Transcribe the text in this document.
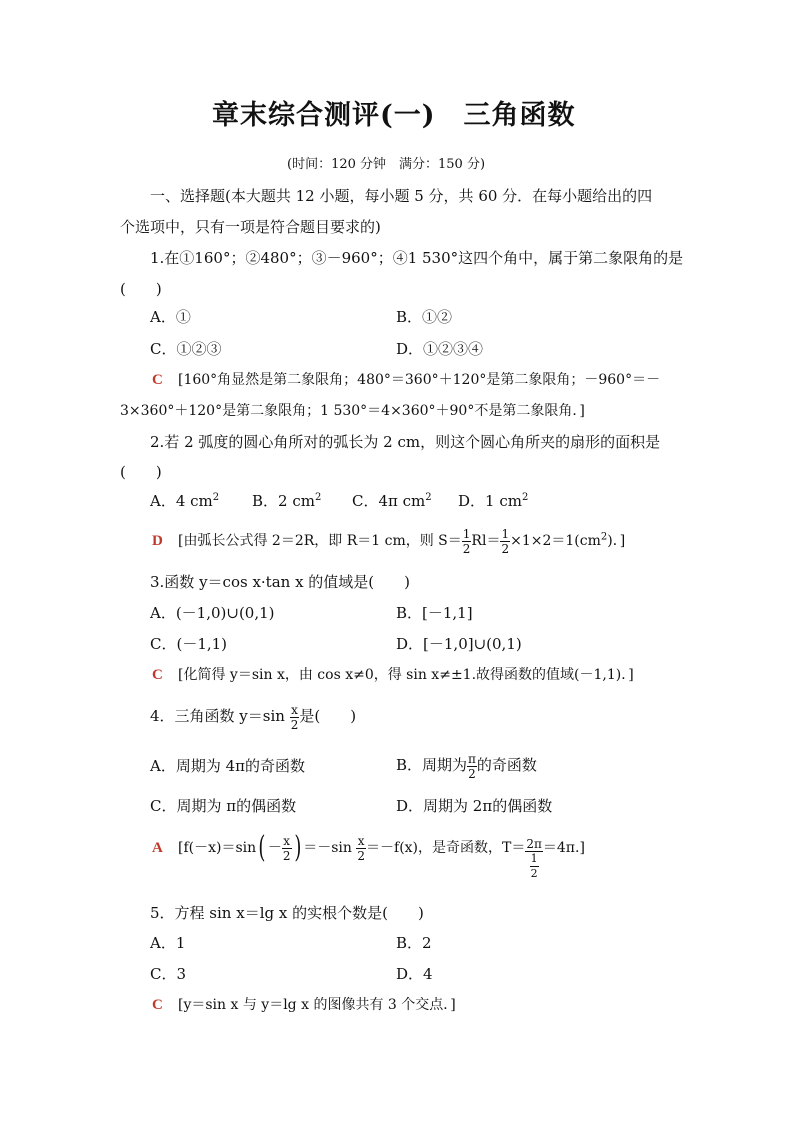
章末综合测评(一)　三角函数
(时间：120 分钟　满分：150 分)
一、选择题(本大题共 12 小题，每小题 5 分，共 60 分．在每小题给出的四
个选项中，只有一项是符合题目要求的)
1.在①160°；②480°；③－960°；④1 530°这四个角中，属于第二象限角的是
(　　)
A．①	B．①②
C．①②③	D．①②③④
C [160°角显然是第二象限角；480°＝360°＋120°是第二象限角；－960°＝－
3×360°＋120°是第二象限角；1 530°＝4×360°＋90°不是第二象限角．]
2.若 2 弧度的圆心角所对的弧长为 2 cm，则这个圆心角所夹的扇形的面积是
(　　)
A．4 $cm^2$ B．2 $cm^2$ C．4π $cm^2$ D．1 $cm^2$
D [由弧长公式得 2＝2R，即 R＝1 cm，则 $S= \frac{1}{2} Rl= \frac{1}{2} \times 1\times 2=1(cm^2)$．]
3.函数 y＝cos x·tan x 的值域是(　　)
A．(－1,0)∪(0,1)	B．[－1,1]
C．(－1,1)	D．[－1,0]∪(0,1)
C [化简得 y＝sin x，由 cos x≠0，得 sin x≠±1.故得函数的值域(－1,1)．]
4．三角函数 $y=\sin \frac{x}{2}$ 是(　　)
A．周期为 4π的奇函数	B．周期为 $\frac{\pi}{2}$ 的奇函数
C．周期为 π的偶函数	D．周期为 2π的偶函数
A [$f(-x)=\sin( - \frac{x}{2}$ ) $=-\sin \frac{x}{2} =-f(x)$，是奇函数，$T= \frac{2\pi}{\frac{1}{2}} =4\pi$.]
5．方程 sin x＝lg x 的实根个数是(　　)
A．1	B．2
C．3	D．4
C [y＝sin x 与 y＝lg x 的图像共有 3 个交点．]
